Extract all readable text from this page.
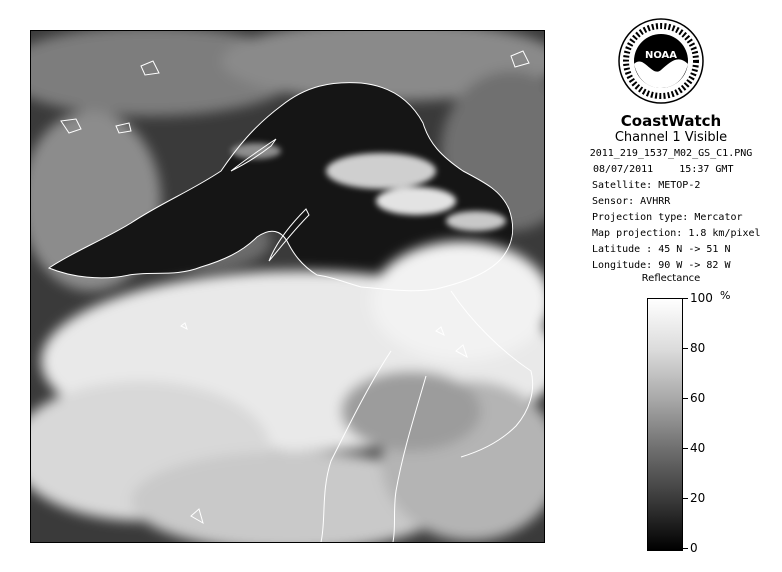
NOAA
CoastWatch
Channel 1 Visible
2011_219_1537_M02_GS_C1.PNG
08/07/2011	15:37 GMT
Satellite: METOP-2
Sensor: AVHRR
Projection type: Mercator
Map projection: 1.8 km/pixel
Latitude : 45 N -> 51 N
Longitude: 90 W -> 82 W
Reflectance
%
100
80
60
40
20
0
